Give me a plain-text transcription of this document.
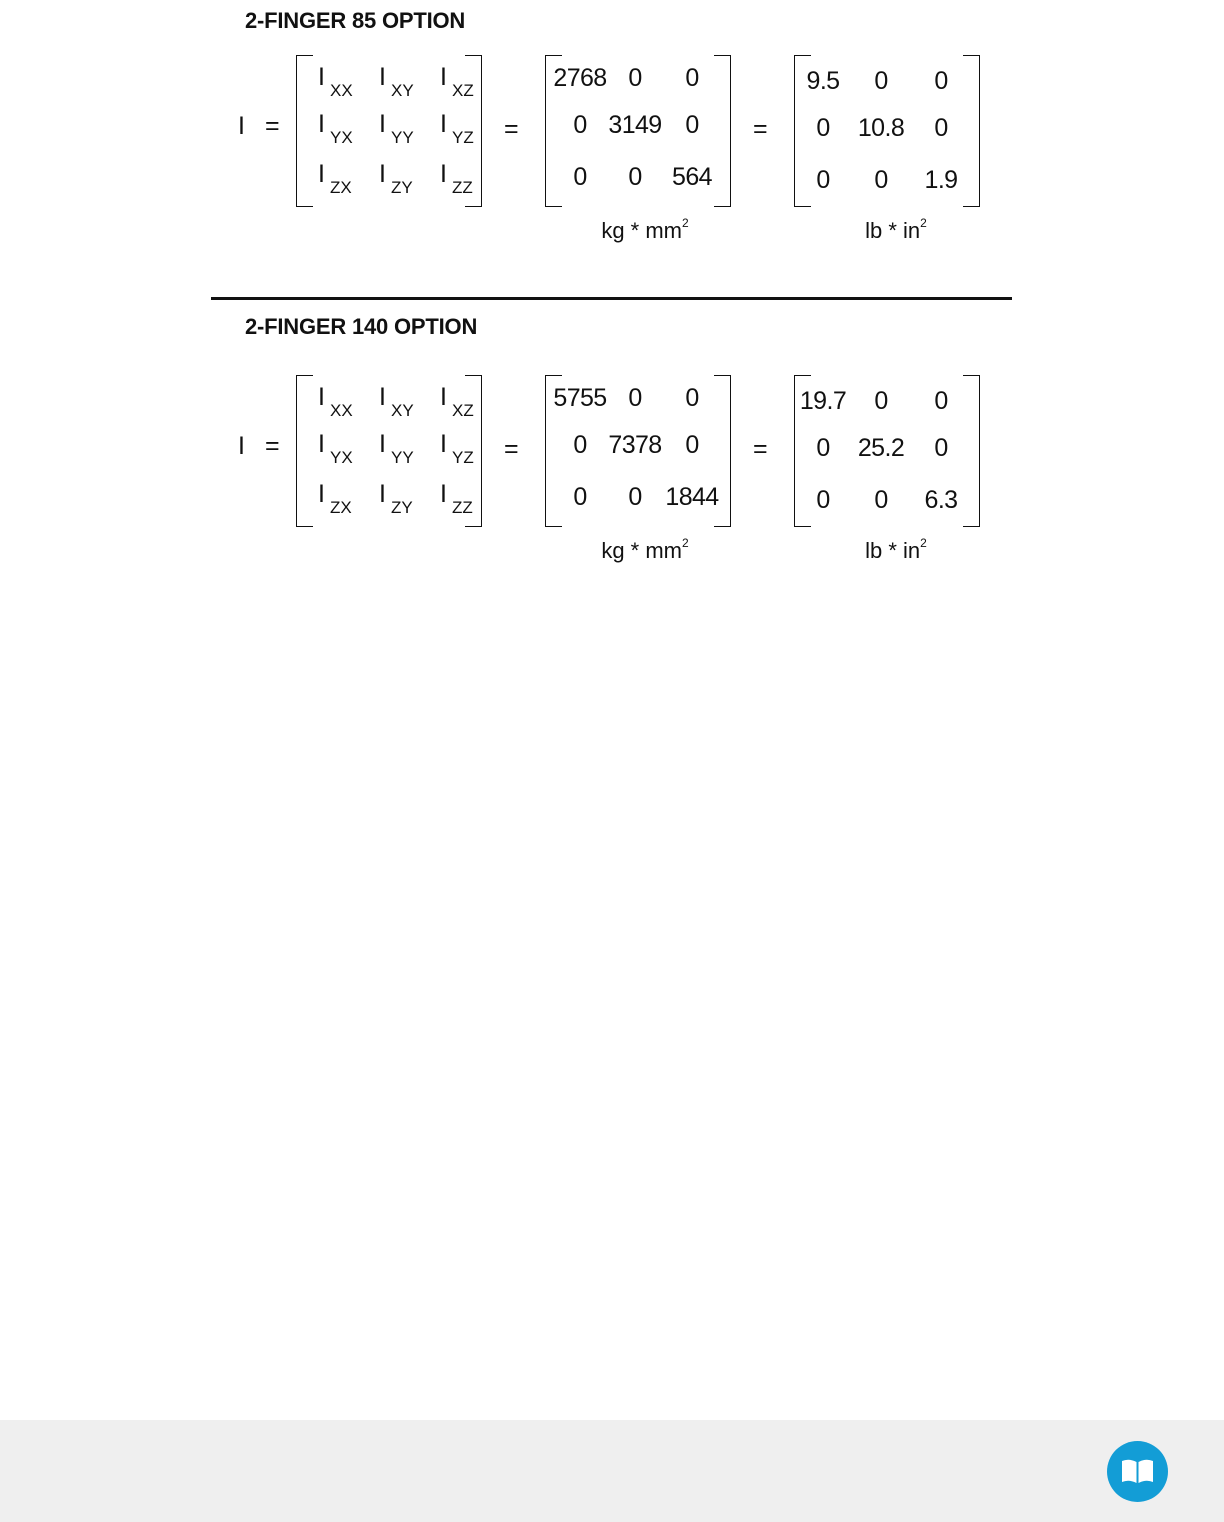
2-FINGER 85 OPTION
2-FINGER 140 OPTION
I =
I XX I XY I XZ
I YX I YY I YZ
I ZX I ZY I ZZ
=
2768 0	0
0 3149 0
0	0	564
=
9.5	0	0
0	10.8	0
0	0	1.9
kg * $mm^2$	lb * $in^2$
I =
I XX I XY I XZ
I YX I YY I YZ
I ZX I ZY I ZZ
=
5755 0	0
0 7378 0
0	0 1844
=
19.7	0	0
0	25.2	0
0	0	6.3
kg * $mm^2$	lb * $in^2$
